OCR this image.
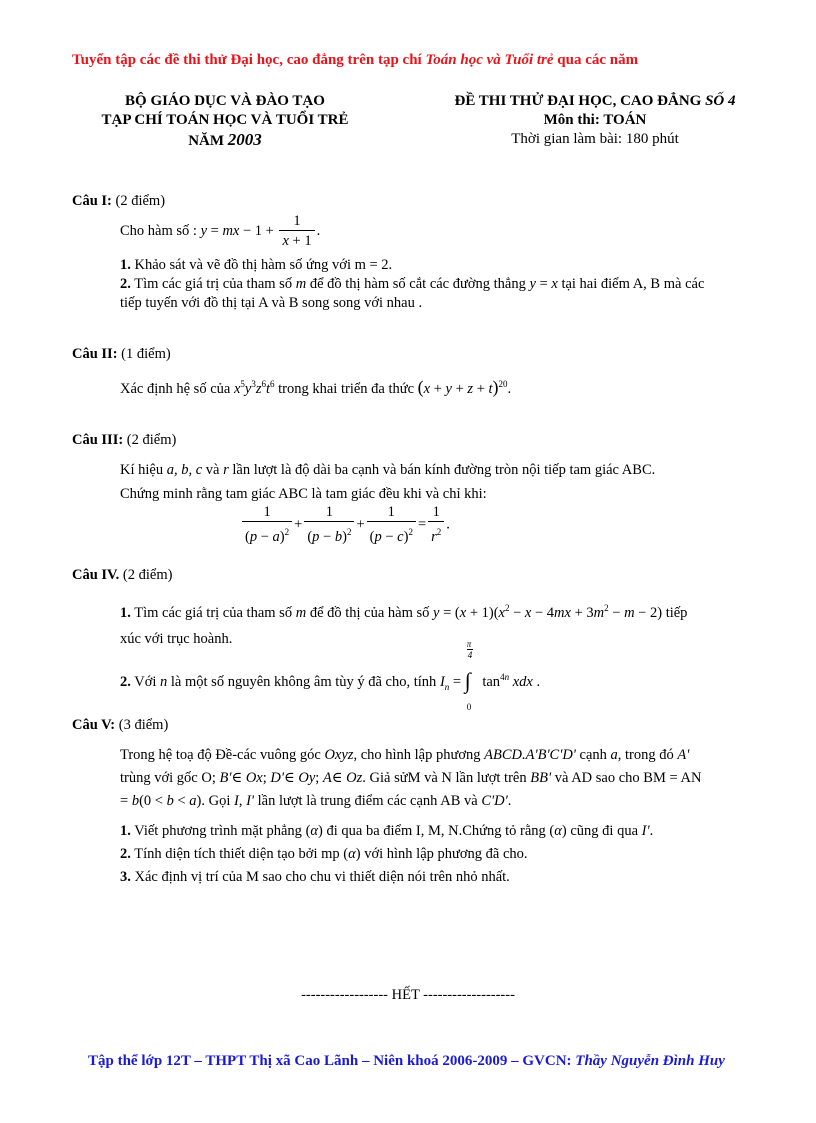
Tuyển tập các đề thi thử Đại học, cao đẳng trên tạp chí Toán học và Tuổi trẻ qua các năm
BỘ GIÁO DỤC VÀ ĐÀO TẠO
TẠP CHÍ TOÁN HỌC VÀ TUỔI TRẺ
NĂM 2003
ĐỀ THI THỬ ĐẠI HỌC, CAO ĐẲNG SỐ 4
Môn thi: TOÁN
Thời gian làm bài: 180 phút
Câu I: (2 điểm)
Cho hàm số : y = mx − $1 + \frac{1}{x + 1}$ .
1. Khảo sát và vẽ đồ thị hàm số ứng với m = 2.
2. Tìm các giá trị của tham số m để đồ thị hàm số cắt các đường thẳng y = x tại hai điểm A, B mà các
tiếp tuyến với đồ thị tại A và B song song với nhau .
Câu II: (1 điểm)
Xác định hệ số của $x^5y^3z^6t^6$ trong khai triển đa thức $(x + y + z + t)^{20}$.
Câu III: (2 điểm)
Kí hiệu a, b, c và r lần lượt là độ dài ba cạnh và bán kính đường tròn nội tiếp tam giác ABC.
Chứng minh rằng tam giác ABC là tam giác đều khi và chỉ khi:
$\frac{1}{(p - a)^2} + \frac{1}{(p - b)^2} + \frac{1}{(p - c)^2} = \frac{1}{r^2}$ .
Câu IV. (2 điểm)
1. Tìm các giá trị của tham số m để đồ thị của hàm số $y = (x + 1)(x^2 - x - 4mx + 3m^2 - m - 2)$ tiếp
xúc với trục hoành.
2. Với n là một số nguyên không âm tùy ý đã cho, tính $I_n$ =
π
4
∫
0
$\tan^{4n}$ xdx .
Câu V: (3 điểm)
Trong hệ toạ độ Đề-các vuông góc Oxyz, cho hình lập phương ABCD.A'B'C'D' cạnh a, trong đó A'
trùng với gốc O; B'∈ Ox; D'∈ Oy; A∈ Oz. Giả sửM và N lần lượt trên BB' và AD sao cho BM = AN
= b(0 < b < a). Gọi I, I' lần lượt là trung điểm các cạnh AB và C'D'.
1. Viết phương trình mặt phẳng (α) đi qua ba điểm I, M, N.Chứng tỏ rằng (α) cũng đi qua I'.
2. Tính diện tích thiết diện tạo bởi mp (α) với hình lập phương đã cho.
3. Xác định vị trí của M sao cho chu vi thiết diện nói trên nhỏ nhất.
------------------ HẾT -------------------
Tập thể lớp 12T – THPT Thị xã Cao Lãnh – Niên khoá 2006-2009 – GVCN: Thầy Nguyễn Đình Huy
